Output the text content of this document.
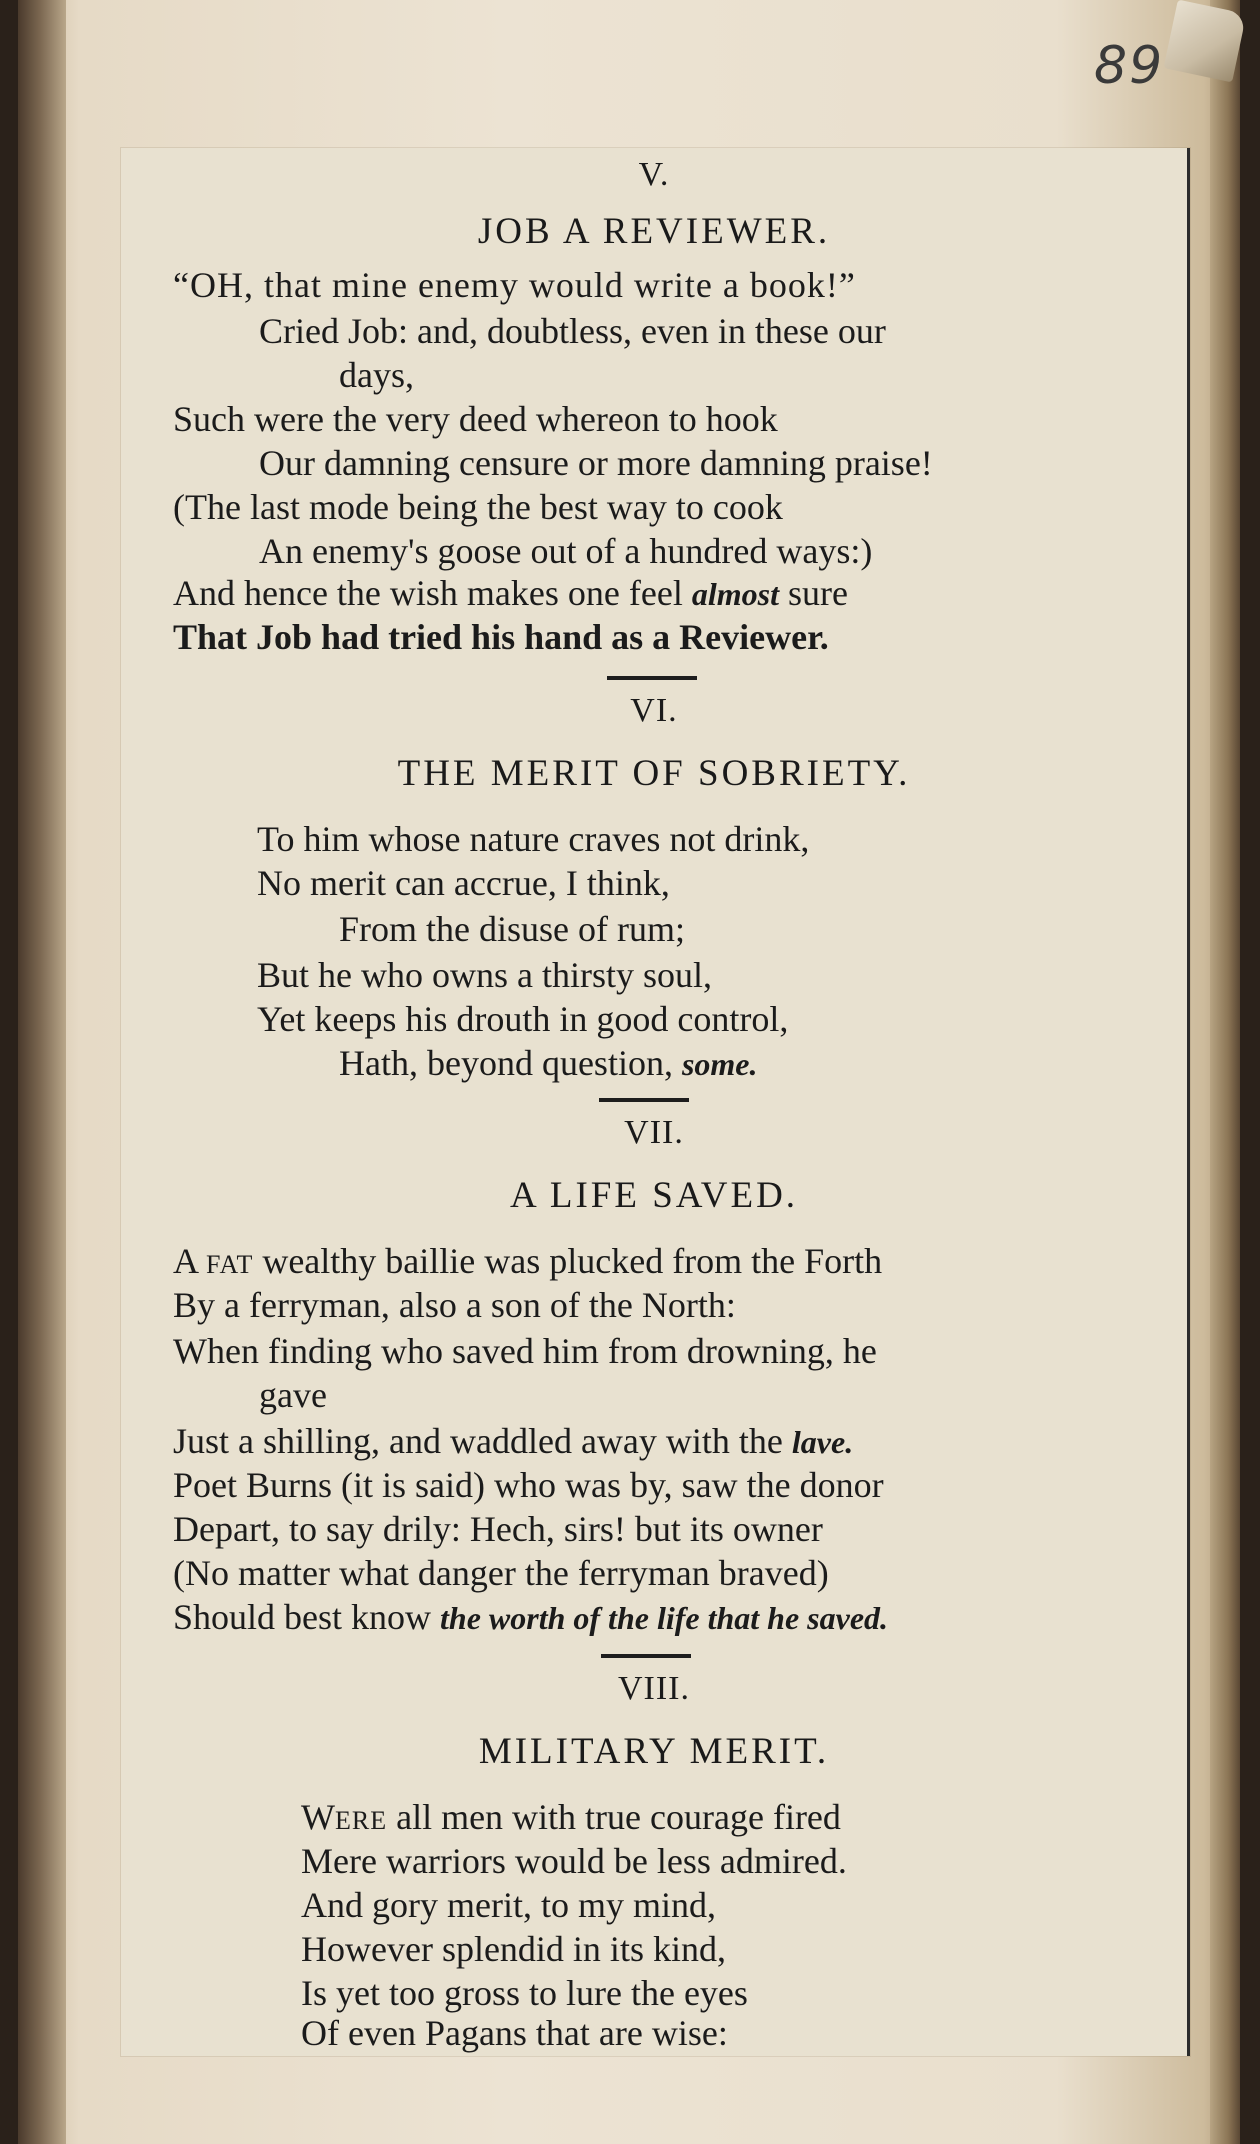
89
V.
JOB A REVIEWER.
“OH, that mine enemy would write a book!”
Cried Job: and, doubtless, even in these our
days,
Such were the very deed whereon to hook
Our damning censure or more damning praise!
(The last mode being the best way to cook
An enemy's goose out of a hundred ways:)
And hence the wish makes one feel almost sure
That Job had tried his hand as a Reviewer.
VI.
THE MERIT OF SOBRIETY.
To him whose nature craves not drink,
No merit can accrue, I think,
From the disuse of rum;
But he who owns a thirsty soul,
Yet keeps his drouth in good control,
Hath, beyond question, some.
VII.
A LIFE SAVED.
A FAT wealthy baillie was plucked from the Forth
By a ferryman, also a son of the North:
When finding who saved him from drowning, he
gave
Just a shilling, and waddled away with the lave.
Poet Burns (it is said) who was by, saw the donor
Depart, to say drily: Hech, sirs! but its owner
(No matter what danger the ferryman braved)
Should best know the worth of the life that he saved.
VIII.
MILITARY MERIT.
WERE all men with true courage fired
Mere warriors would be less admired.
And gory merit, to my mind,
However splendid in its kind,
Is yet too gross to lure the eyes
Of even Pagans that are wise:
